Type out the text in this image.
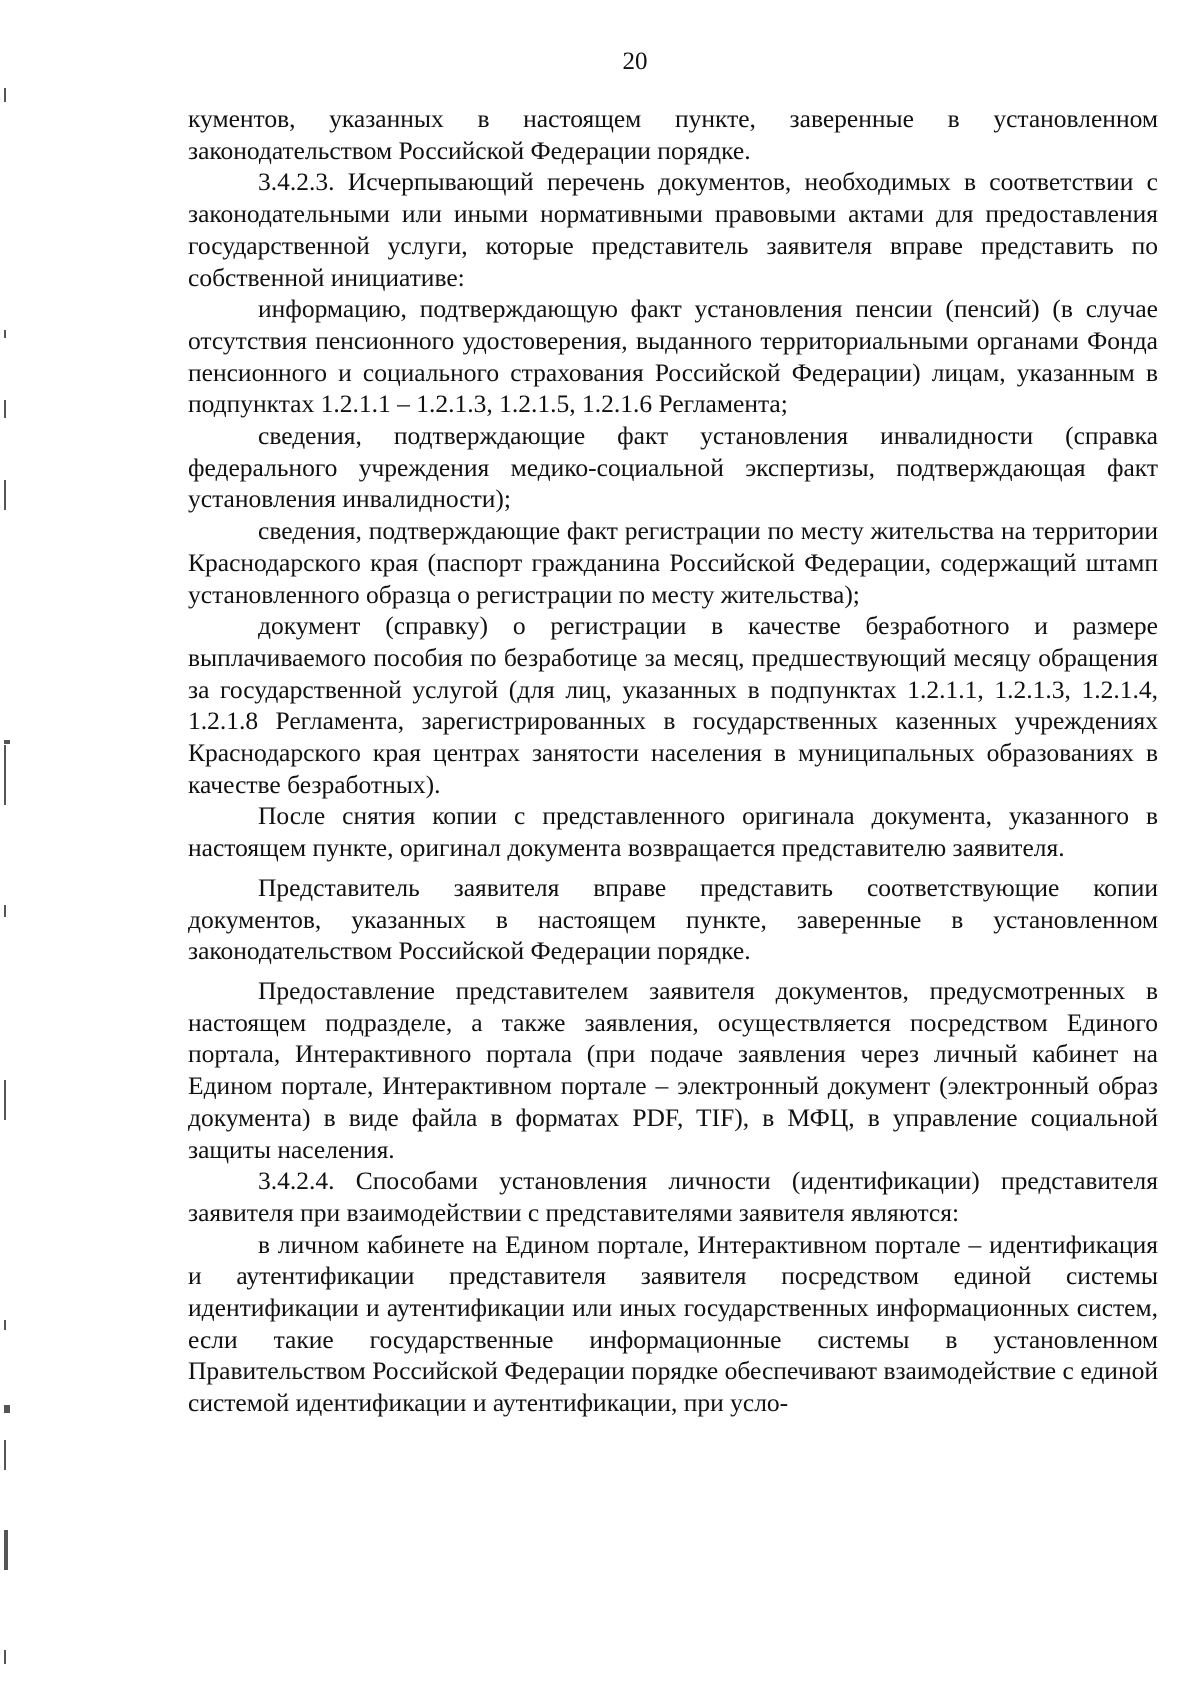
20

кументов, указанных в настоящем пункте, заверенные в установленном законодательством Российской Федерации порядке.

3.4.2.3. Исчерпывающий перечень документов, необходимых в соответствии с законодательными или иными нормативными правовыми актами для предоставления государственной услуги, которые представитель заявителя вправе представить по собственной инициативе:

информацию, подтверждающую факт установления пенсии (пенсий) (в случае отсутствия пенсионного удостоверения, выданного территориальными органами Фонда пенсионного и социального страхования Российской Федерации) лицам, указанным в подпунктах 1.2.1.1 – 1.2.1.3, 1.2.1.5, 1.2.1.6 Регламента;

сведения, подтверждающие факт установления инвалидности (справка федерального учреждения медико-социальной экспертизы, подтверждающая факт установления инвалидности);

сведения, подтверждающие факт регистрации по месту жительства на территории Краснодарского края (паспорт гражданина Российской Федерации, содержащий штамп установленного образца о регистрации по месту жительства);

документ (справку) о регистрации в качестве безработного и размере выплачиваемого пособия по безработице за месяц, предшествующий месяцу обращения за государственной услугой (для лиц, указанных в подпунктах 1.2.1.1, 1.2.1.3, 1.2.1.4, 1.2.1.8 Регламента, зарегистрированных в государственных казенных учреждениях Краснодарского края центрах занятости населения в муниципальных образованиях в качестве безработных).

После снятия копии с представленного оригинала документа, указанного в настоящем пункте, оригинал документа возвращается представителю заявителя.

Представитель заявителя вправе представить соответствующие копии документов, указанных в настоящем пункте, заверенные в установленном законодательством Российской Федерации порядке.

Предоставление представителем заявителя документов, предусмотренных в настоящем подразделе, а также заявления, осуществляется посредством Единого портала, Интерактивного портала (при подаче заявления через личный кабинет на Едином портале, Интерактивном портале – электронный документ (электронный образ документа) в виде файла в форматах PDF, TIF), в МФЦ, в управление социальной защиты населения.

3.4.2.4. Способами установления личности (идентификации) представителя заявителя при взаимодействии с представителями заявителя являются:

в личном кабинете на Едином портале, Интерактивном портале – идентификация и аутентификации представителя заявителя посредством единой системы идентификации и аутентификации или иных государственных информационных систем, если такие государственные информационные системы в установленном Правительством Российской Федерации порядке обеспечивают взаимодействие с единой системой идентификации и аутентификации, при усло-
